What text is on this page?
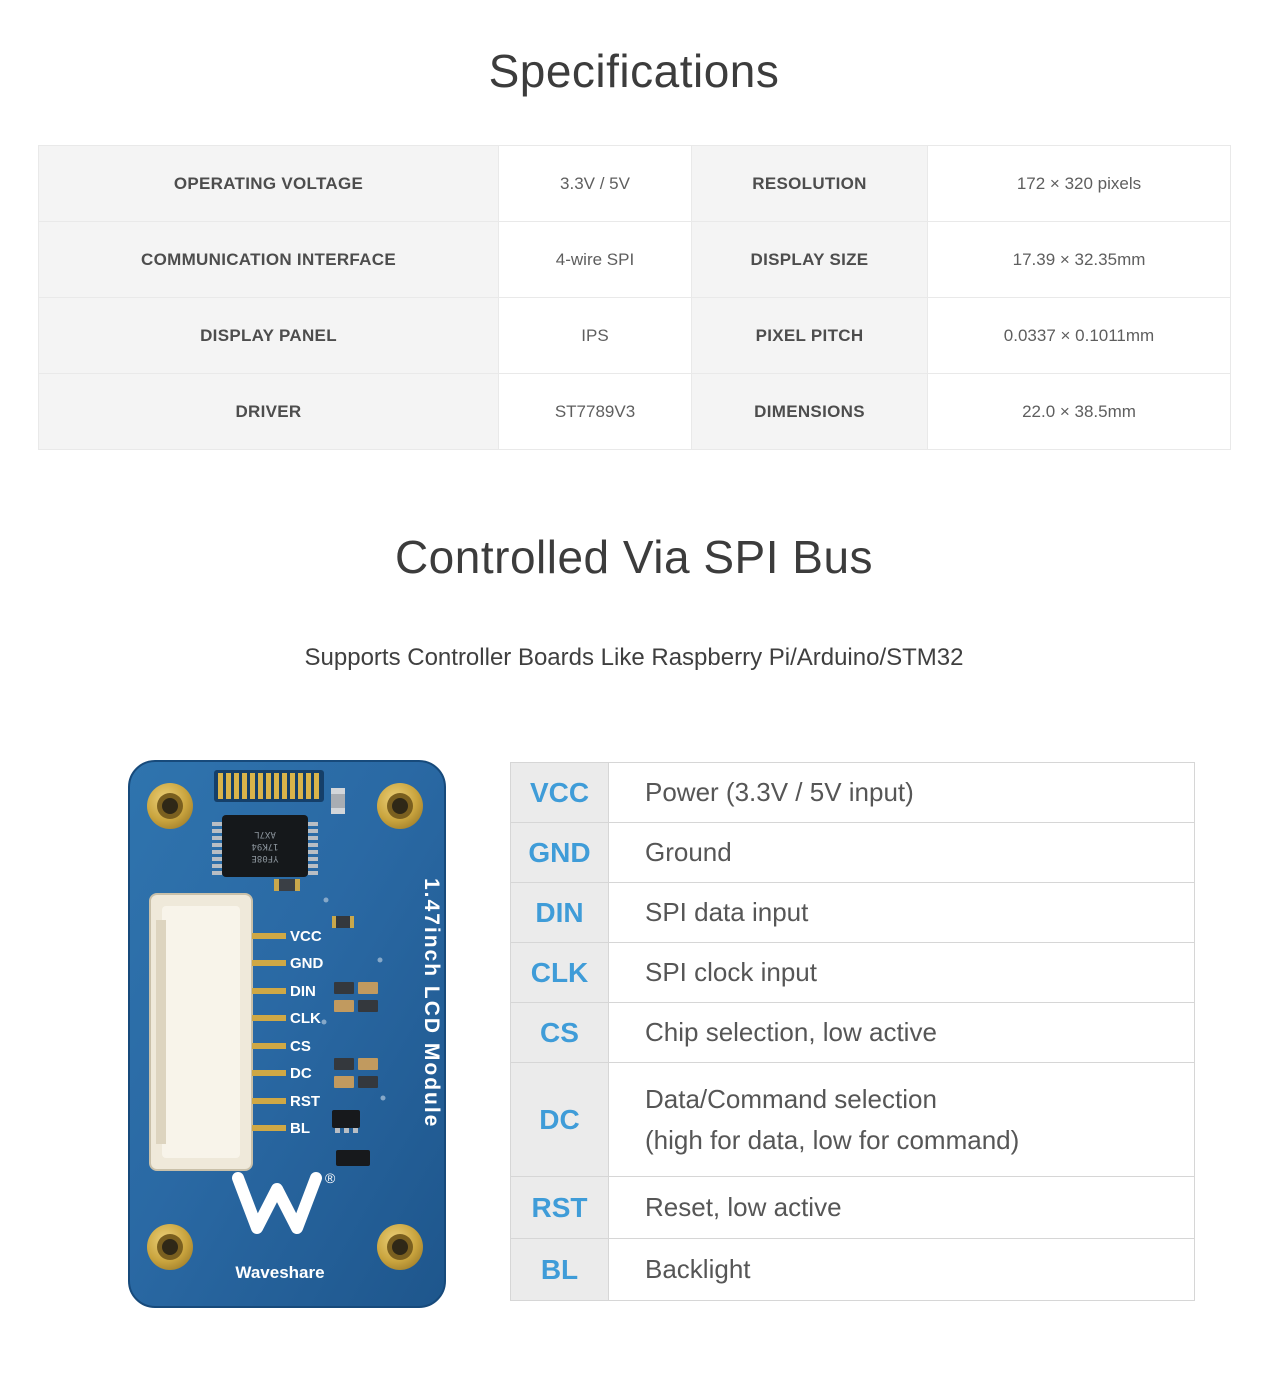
Specifications
OPERATING VOLTAGE	3.3V / 5V	RESOLUTION	172 × 320 pixels
COMMUNICATION INTERFACE	4-wire SPI	DISPLAY SIZE	17.39 × 32.35mm
DISPLAY PANEL	IPS	PIXEL PITCH	0.0337 × 0.1011mm
DRIVER	ST7789V3	DIMENSIONS	22.0 × 38.5mm
Controlled Via SPI Bus
Supports Controller Boards Like Raspberry Pi/Arduino/STM32
YF08E
17K94
AX7L
VCC
GND
DIN
CLK
CS
DC
RST
BL
1.47inch LCD Module
®
Waveshare
VCC	Power (3.3V / 5V input)
GND	Ground
DIN	SPI data input
CLK	SPI clock input
CS	Chip selection, low active
DC	Data/Command selection
(high for data, low for command)

RST	Reset, low active
BL	Backlight
